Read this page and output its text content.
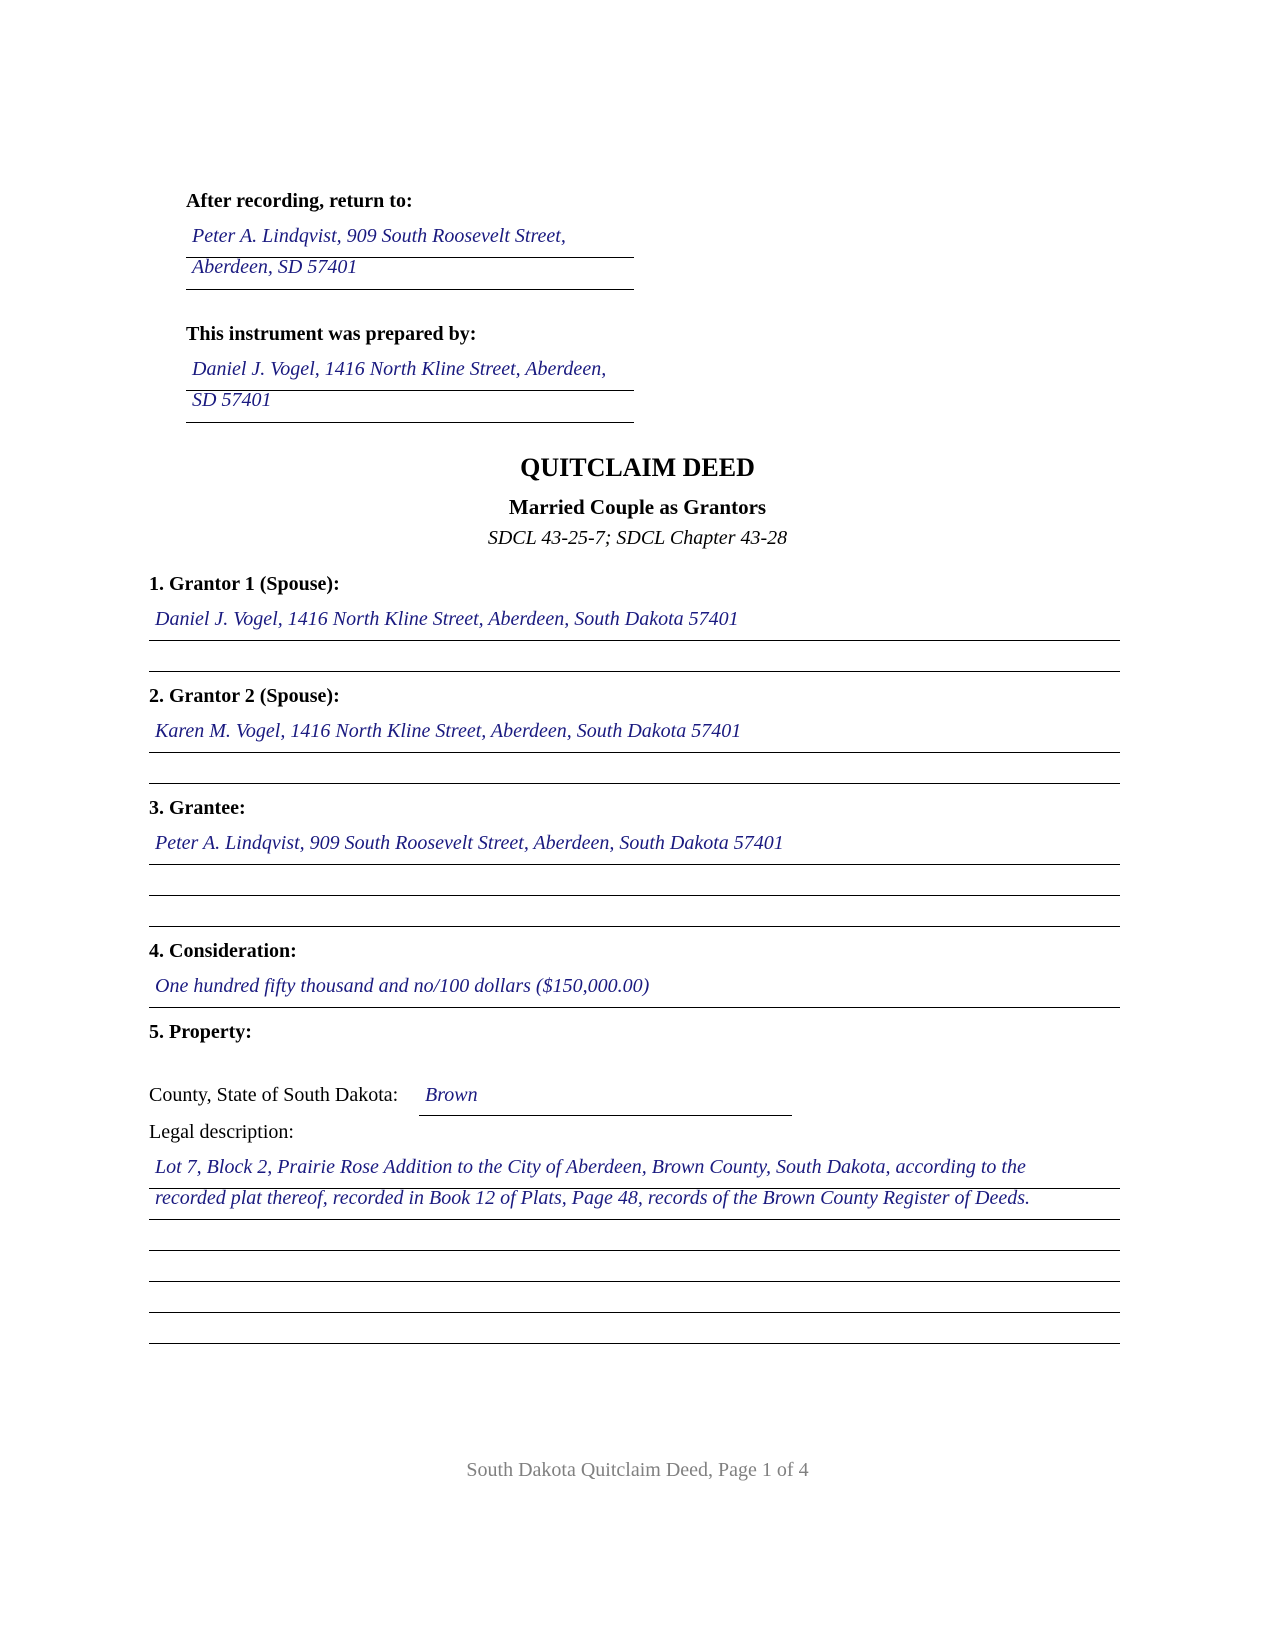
After recording, return to:
Peter A. Lindqvist, 909 South Roosevelt Street,
Aberdeen, SD 57401
This instrument was prepared by:
Daniel J. Vogel, 1416 North Kline Street, Aberdeen,
SD 57401
QUITCLAIM DEED
Married Couple as Grantors
SDCL 43-25-7; SDCL Chapter 43-28
1. Grantor 1 (Spouse):
Daniel J. Vogel, 1416 North Kline Street, Aberdeen, South Dakota 57401
2. Grantor 2 (Spouse):
Karen M. Vogel, 1416 North Kline Street, Aberdeen, South Dakota 57401
3. Grantee:
Peter A. Lindqvist, 909 South Roosevelt Street, Aberdeen, South Dakota 57401
4. Consideration:
One hundred fifty thousand and no/100 dollars ($150,000.00)
5. Property:
County, State of South Dakota:	Brown
Legal description:
Lot 7, Block 2, Prairie Rose Addition to the City of Aberdeen, Brown County, South Dakota, according to the
recorded plat thereof, recorded in Book 12 of Plats, Page 48, records of the Brown County Register of Deeds.
South Dakota Quitclaim Deed, Page 1 of 4
